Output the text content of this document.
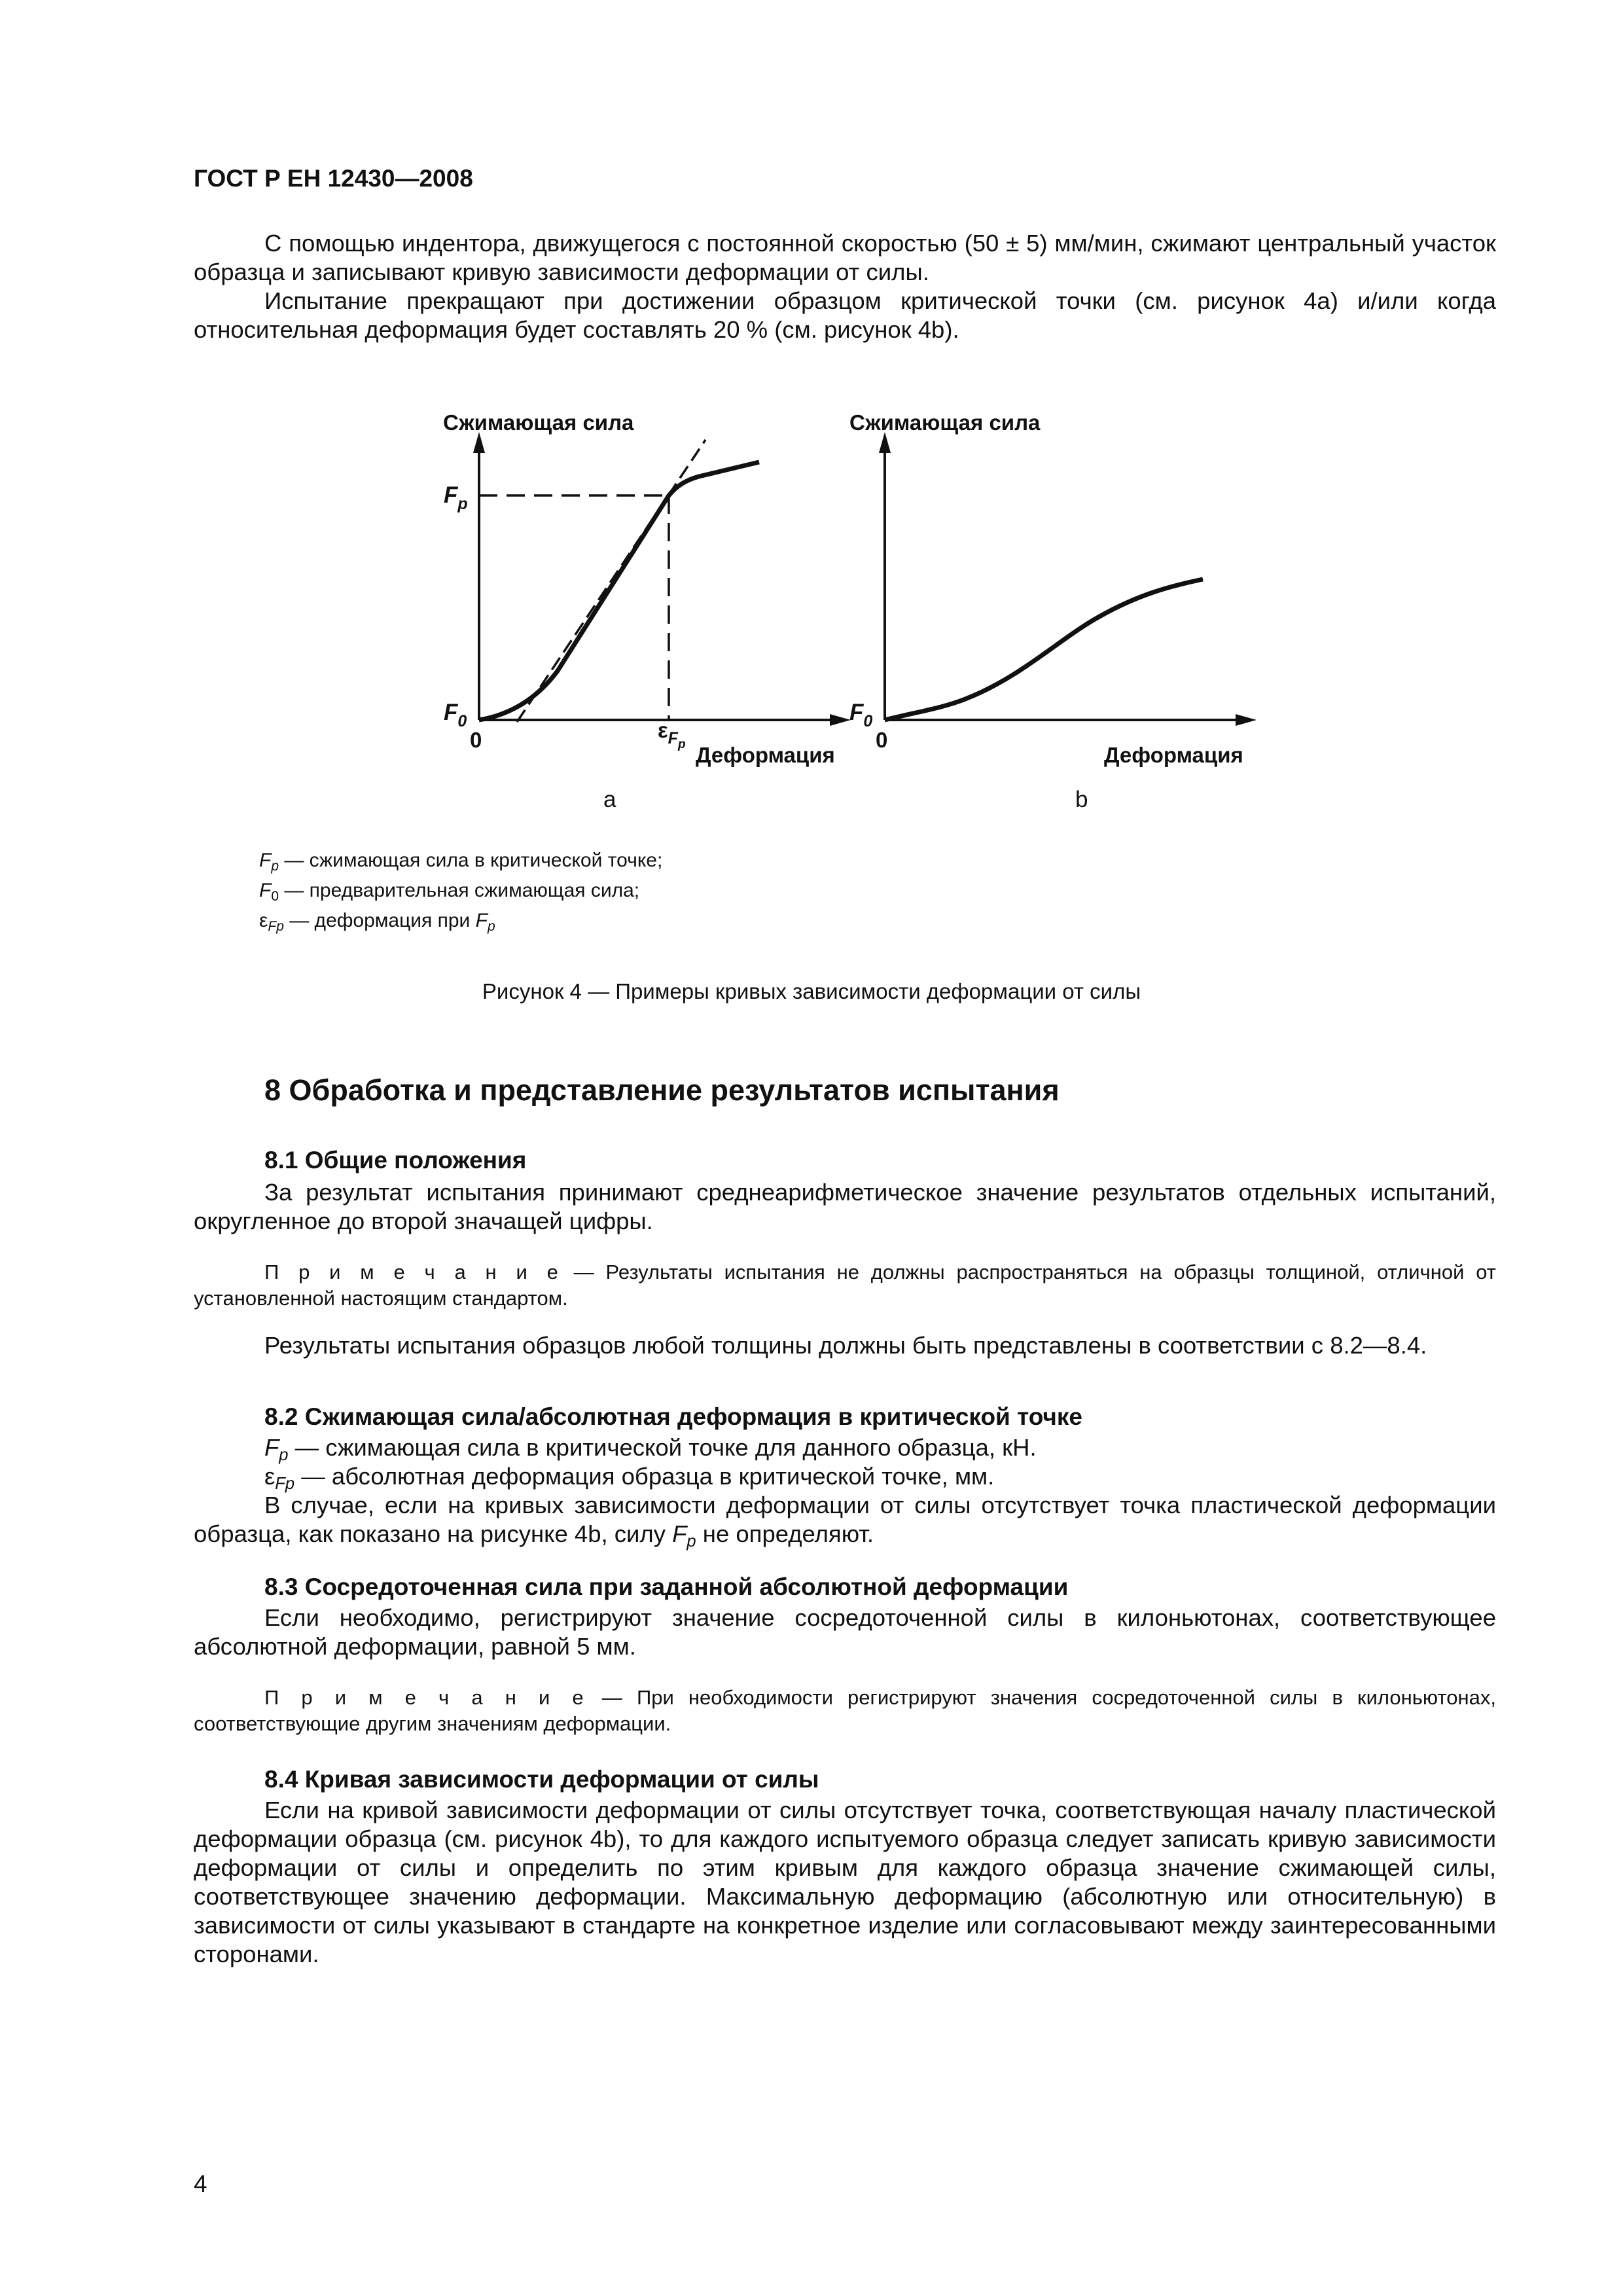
ГОСТ Р ЕН 12430—2008

С помощью индентора, движущегося с постоянной скоростью (50 ± 5) мм/мин, сжимают центральный участок образца и записывают кривую зависимости деформации от силы.

Испытание прекращают при достижении образцом критической точки (см. рисунок 4а) и/или когда относительная деформация будет составлять 20 % (см. рисунок 4b).

Сжимающая сила
$F_p$
$F_0$
0	$\varepsilon_{Fp}$ Деформация
а
Сжимающая сила
$F_0$
0
Деформация
b
$F_p$ — сжимающая сила в критической точке;
$F_0$ — предварительная сжимающая сила;
$\varepsilon_{Fp}$ — деформация при $F_p$

Рисунок 4 — Примеры кривых зависимости деформации от силы

8 Обработка и представление результатов испытания

8.1 Общие положения

За результат испытания принимают среднеарифметическое значение результатов отдельных испытаний, округленное до второй значащей цифры.

П р и м е ч а н и е — Результаты испытания не должны распространяться на образцы толщиной, отличной от установленной настоящим стандартом.

Результаты испытания образцов любой толщины должны быть представлены в соответствии с 8.2—8.4.

8.2 Сжимающая сила/абсолютная деформация в критической точке

$F_p$ — сжимающая сила в критической точке для данного образца, кН.

$\varepsilon_{Fp}$ — абсолютная деформация образца в критической точке, мм.

В случае, если на кривых зависимости деформации от силы отсутствует точка пластической деформации образца, как показано на рисунке 4b, силу $F_p$ не определяют.

8.3 Сосредоточенная сила при заданной абсолютной деформации

Если необходимо, регистрируют значение сосредоточенной силы в килоньютонах, соответствующее абсолютной деформации, равной 5 мм.

П р и м е ч а н и е — При необходимости регистрируют значения сосредоточенной силы в килоньютонах, соответствующие другим значениям деформации.

8.4 Кривая зависимости деформации от силы

Если на кривой зависимости деформации от силы отсутствует точка, соответствующая началу пластической деформации образца (см. рисунок 4b), то для каждого испытуемого образца следует записать кривую зависимости деформации от силы и определить по этим кривым для каждого образца значение сжимающей силы, соответствующее значению деформации. Максимальную деформацию (абсолютную или относительную) в зависимости от силы указывают в стандарте на конкретное изделие или согласовывают между заинтересованными сторонами.

4
